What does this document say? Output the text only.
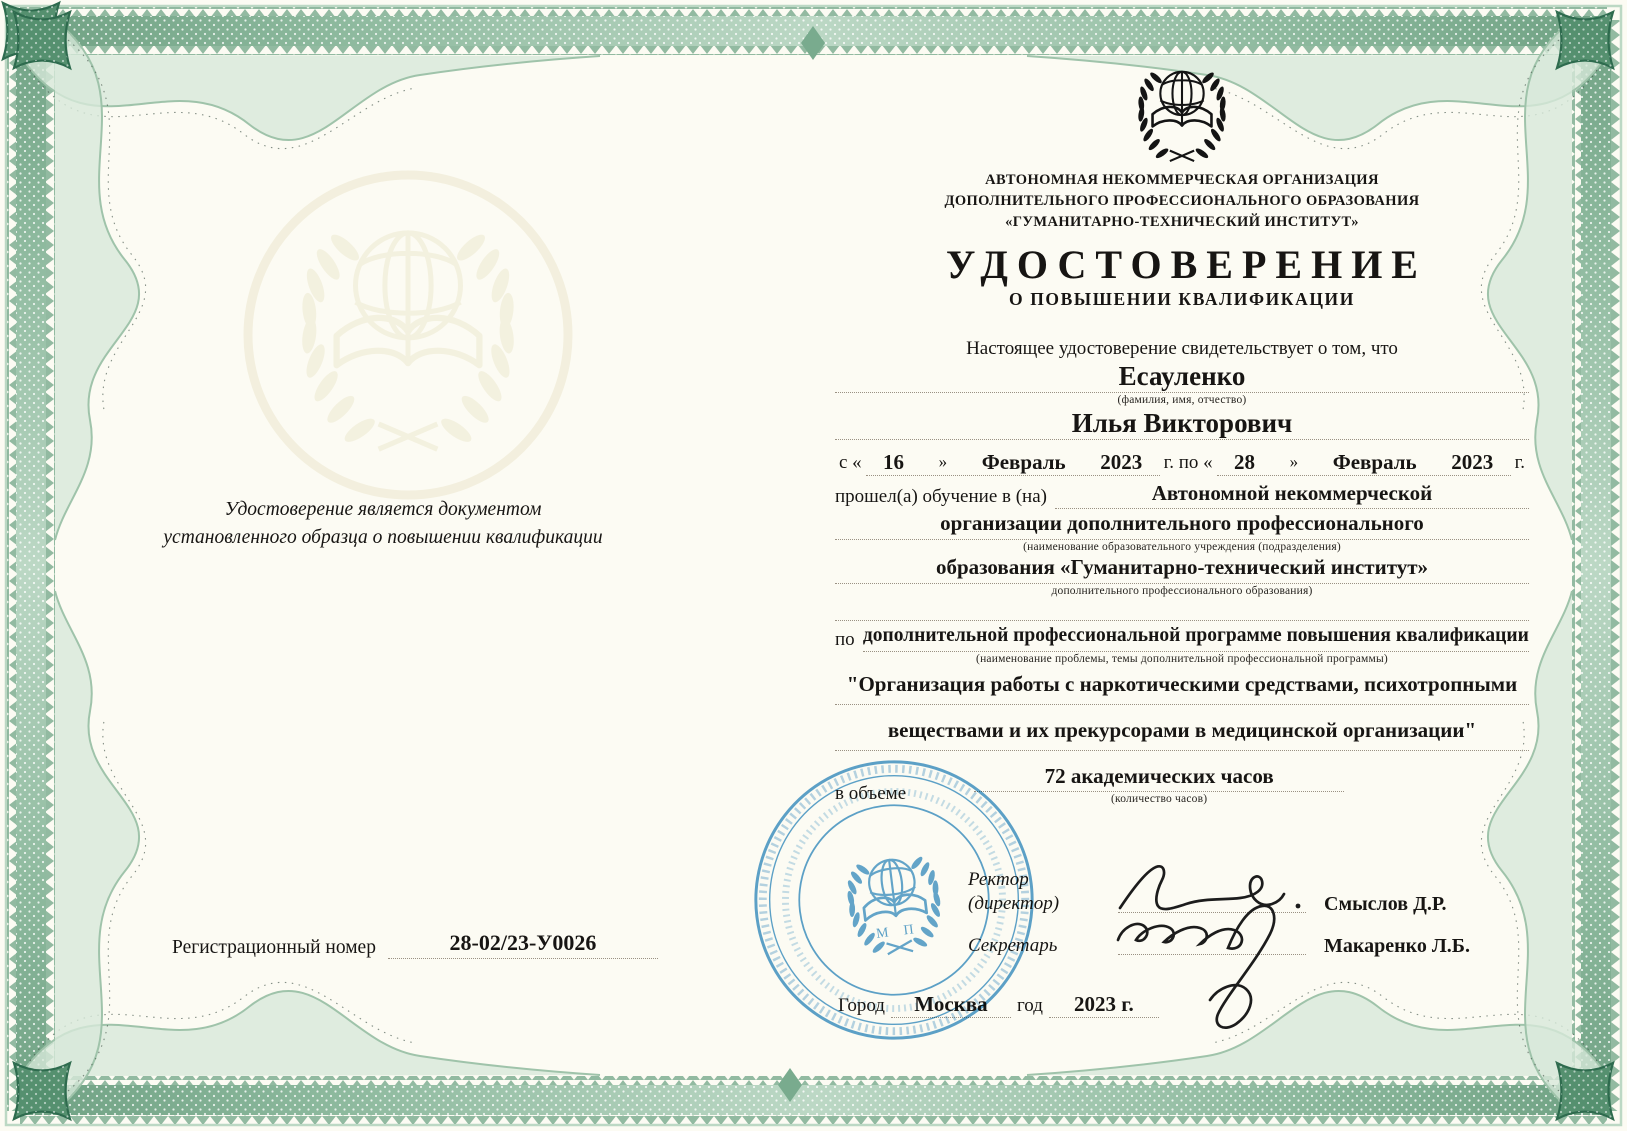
Удостоверение является документом
установленного образца о повышении квалификации
Регистрационный номер	28-02/23-У0026
АВТОНОМНАЯ НЕКОММЕРЧЕСКАЯ ОРГАНИЗАЦИЯ
ДОПОЛНИТЕЛЬНОГО ПРОФЕССИОНАЛЬНОГО ОБРАЗОВАНИЯ
«ГУМАНИТАРНО-ТЕХНИЧЕСКИЙ ИНСТИТУТ»
УДОСТОВЕРЕНИЕ
О ПОВЫШЕНИИ КВАЛИФИКАЦИИ
Настоящее удостоверение свидетельствует о том, что
Есауленко
(фамилия, имя, отчество)
Илья Викторович
с « 16 » Февраль 2023 г. по « 28 » Февраль 2023 г.
прошел(а) обучение в (на)	Автономной некоммерческой
организации дополнительного профессионального
(наименование образовательного учреждения (подразделения)
образования «Гуманитарно-технический институт»
дополнительного профессионального образования)
по дополнительной профессиональной программе повышения квалификации
(наименование проблемы, темы дополнительной профессиональной программы)
"Организация работы с наркотическими средствами, психотропными
веществами и их прекурсорами в медицинской организации"
в объеме
72 академических часов
(количество часов)
Ректор (директор)	Смыслов Д.Р.
Секретарь	Макаренко Л.Б.
Город	Москва	год	2023 г.
М П
